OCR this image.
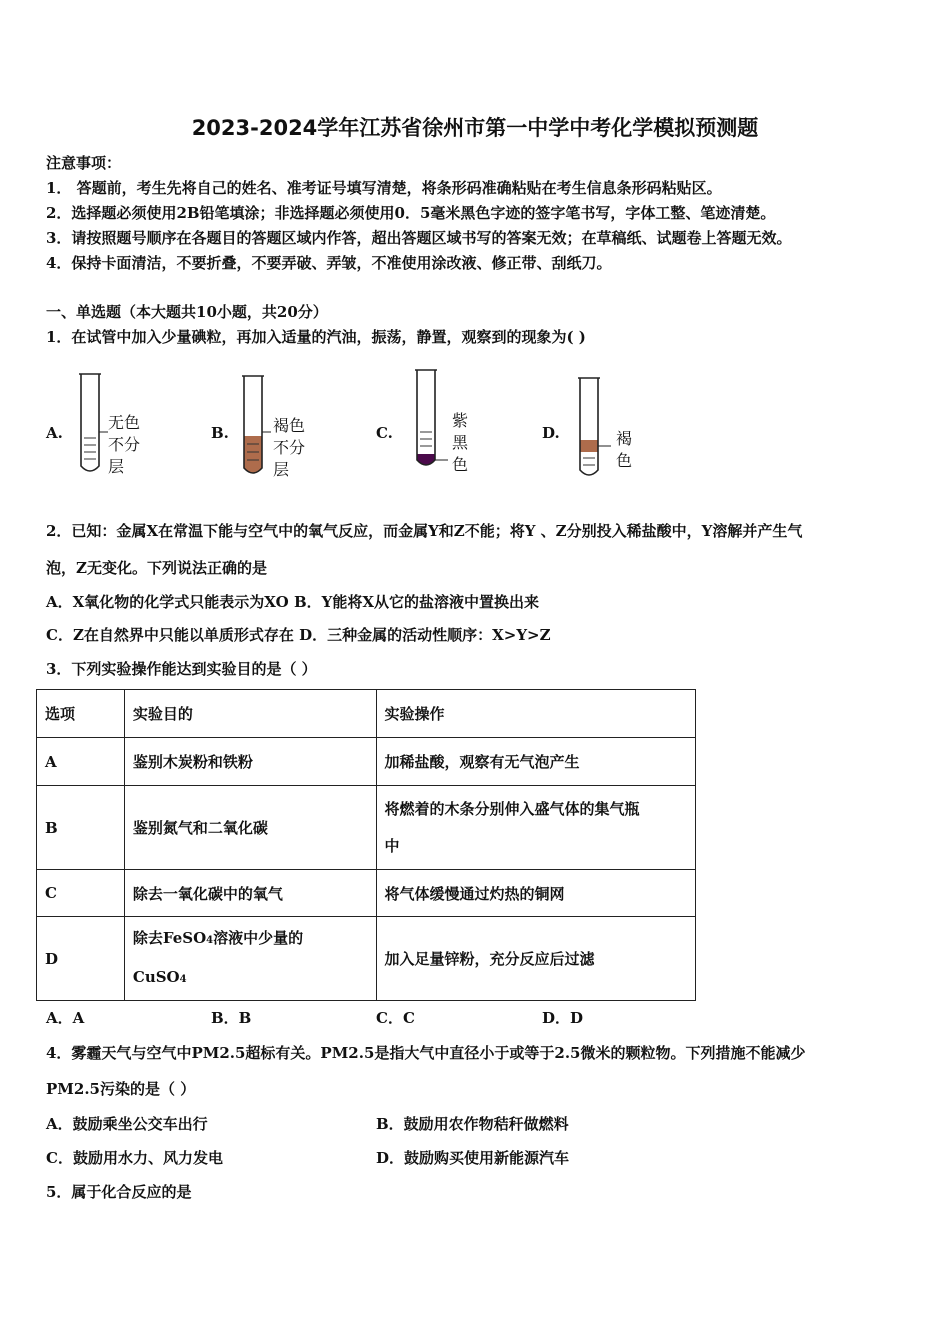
2023-2024学年江苏省徐州市第一中学中考化学模拟预测题
注意事项：
1． 答题前，考生先将自己的姓名、准考证号填写清楚，将条形码准确粘贴在考生信息条形码粘贴区。
2．选择题必须使用2B铅笔填涂；非选择题必须使用0．5毫米黑色字迹的签字笔书写，字体工整、笔迹清楚。
3．请按照题号顺序在各题目的答题区域内作答，超出答题区域书写的答案无效；在草稿纸、试题卷上答题无效。
4．保持卡面清洁，不要折叠，不要弄破、弄皱，不准使用涂改液、修正带、刮纸刀。
一、单选题（本大题共10小题，共20分）
1．在试管中加入少量碘粒，再加入适量的汽油，振荡，静置，观察到的现象为( )
A.
无色
不分
层
B.	褐色
不分
层
C.
紫
黑
色
D.	褐
色
2．已知：金属X在常温下能与空气中的氧气反应，而金属Y和Z不能；将Y 、Z分别投入稀盐酸中，Y溶解并产生气
泡，Z无变化。下列说法正确的是
A．X氧化物的化学式只能表示为XO B．Y能将X从它的盐溶液中置换出来
C．Z在自然界中只能以单质形式存在 D．三种金属的活动性顺序：X>Y>Z
3．下列实验操作能达到实验目的是（ ）
选项	实验目的	实验操作
A	鉴别木炭粉和铁粉	加稀盐酸，观察有无气泡产生
B	鉴别氮气和二氧化碳	将燃着的木条分别伸入盛气体的集气瓶
中

C	除去一氧化碳中的氧气	将气体缓慢通过灼热的铜网
D	除去FeSO4溶液中少量的
CuSO4	加入足量锌粉，充分反应后过滤
A．A	B．B	C．C	D．D
4．雾霾天气与空气中PM2.5超标有关。PM2.5是指大气中直径小于或等于2.5微米的颗粒物。下列措施不能减少
PM2.5污染的是（ ）
A．鼓励乘坐公交车出行	B．鼓励用农作物秸秆做燃料
C．鼓励用水力、风力发电	D．鼓励购买使用新能源汽车
5．属于化合反应的是
